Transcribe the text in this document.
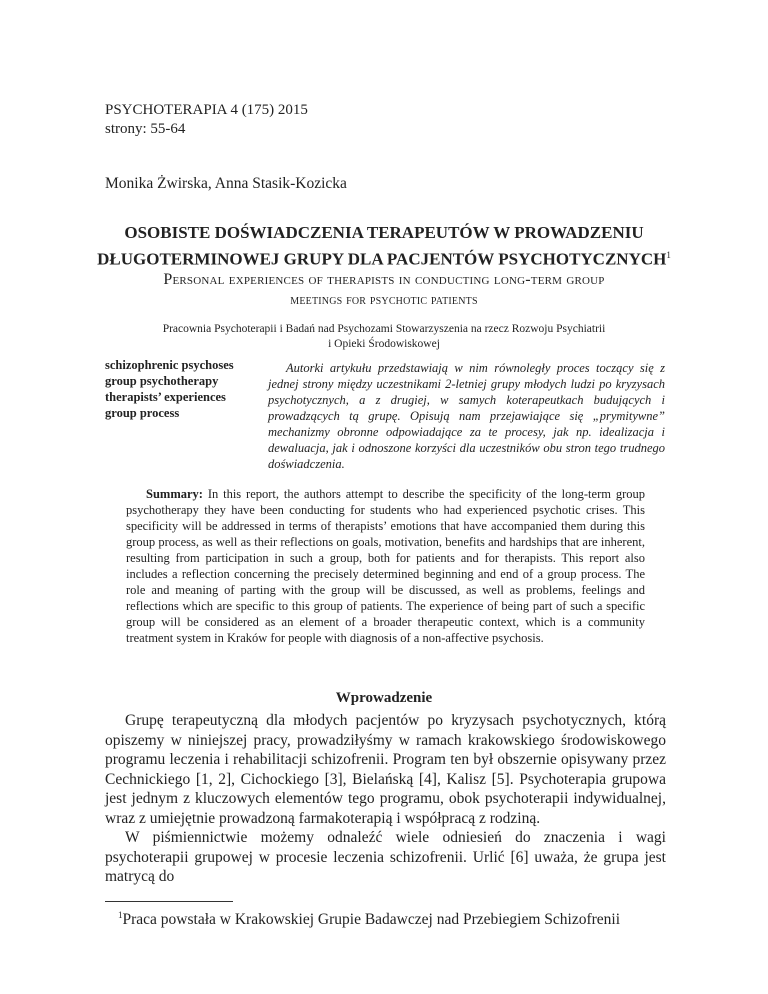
PSYCHOTERAPIA 4 (175) 2015
strony: 55-64
Monika Żwirska, Anna Stasik-Kozicka
OSOBISTE DOŚWIADCZENIA TERAPEUTÓW W PROWADZENIU
DŁUGOTERMINOWEJ GRUPY DLA PACJENTÓW PSYCHOTYCZNYCH$^1$
Personal experiences of therapists in conducting long-term group
meetings for psychotic patients
Pracownia Psychoterapii i Badań nad Psychozami Stowarzyszenia na rzecz Rozwoju Psychiatrii
i Opieki Środowiskowej
schizophrenic psychoses
group psychotherapy
therapists’ experiences
group process
Autorki artykułu przedstawiają w nim równoległy proces toczący się z jednej strony między uczestnikami 2-letniej grupy młodych ludzi po kryzysach psychotycznych, a z drugiej, w samych koterapeutkach budujących i prowadzących tą grupę. Opisują nam przejawiające się „prymitywne” mechanizmy obronne odpowiadające za te procesy, jak np. idealizacja i dewaluacja, jak i odnoszone korzyści dla uczestników obu stron tego trudnego doświadczenia.
Summary: In this report, the authors attempt to describe the specificity of the long-term group psychotherapy they have been conducting for students who had experienced psychotic crises. This specificity will be addressed in terms of therapists’ emotions that have accompanied them during this group process, as well as their reflections on goals, motivation, benefits and hardships that are inherent, resulting from participation in such a group, both for patients and for therapists. This report also includes a reflection concerning the precisely determined beginning and end of a group process. The role and meaning of parting with the group will be discussed, as well as problems, feelings and reflections which are specific to this group of patients. The experience of being part of such a specific group will be considered as an element of a broader therapeutic context, which is a community treatment system in Kraków for people with diagnosis of a non-affective psychosis.
Wprowadzenie

Grupę terapeutyczną dla młodych pacjentów po kryzysach psychotycznych, którą opiszemy w niniejszej pracy, prowadziłyśmy w ramach krakowskiego środowiskowego programu leczenia i rehabilitacji schizofrenii. Program ten był obszernie opisywany przez Cechnickiego [1, 2], Cichockiego [3], Bielańską [4], Kalisz [5]. Psychoterapia grupowa jest jednym z kluczowych elementów tego programu, obok psychoterapii indywidualnej, wraz z umiejętnie prowadzoną farmakoterapią i współpracą z rodziną.

W piśmiennictwie możemy odnaleźć wiele odniesień do znaczenia i wagi psychoterapii grupowej w procesie leczenia schizofrenii. Urlić [6] uważa, że grupa jest matrycą do

$^1$Praca powstała w Krakowskiej Grupie Badawczej nad Przebiegiem Schizofrenii
